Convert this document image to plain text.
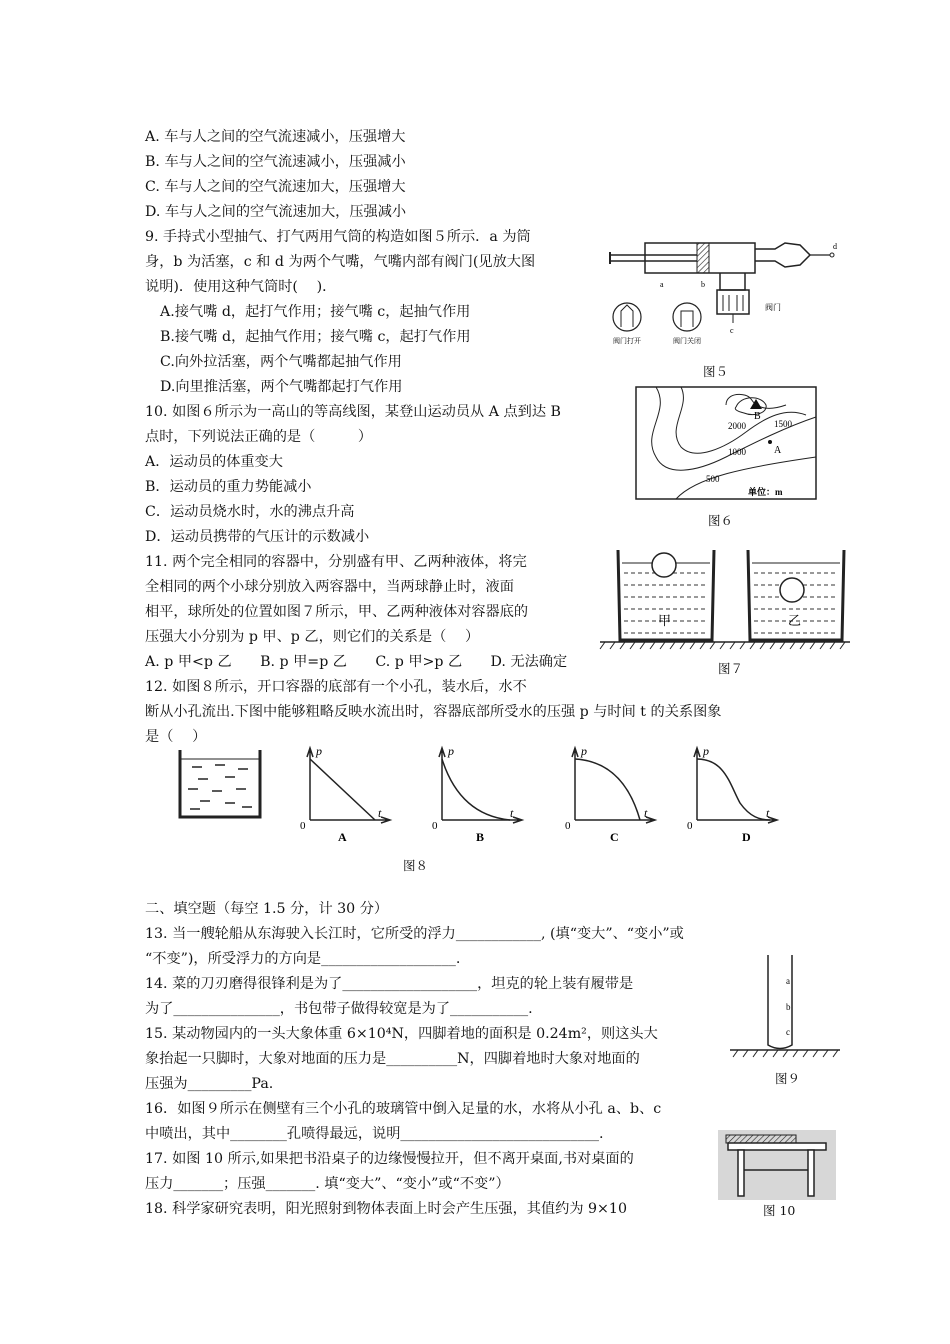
A. 车与人之间的空气流速减小，压强增大
B. 车与人之间的空气流速减小，压强减小
C. 车与人之间的空气流速加大，压强增大
D. 车与人之间的空气流速加大，压强减小
9. 手持式小型抽气、打气两用气筒的构造如图５所示．a 为筒
身，b 为活塞，c 和 d 为两个气嘴，气嘴内部有阀门(见放大图
说明)．使用这种气筒时(　 )．
A.接气嘴 d，起打气作用；接气嘴 c，起抽气作用
B.接气嘴 d，起抽气作用；接气嘴 c，起打气作用
C.向外拉活塞，两个气嘴都起抽气作用
D.向里推活塞，两个气嘴都起打气作用
a	b
c
d
阀门
阀门打开	阀门关闭
图５
10. 如图６所示为一高山的等高线图，某登山运动员从 A 点到达 B
点时，下列说法正确的是（　　　）
A．运动员的体重变大
B．运动员的重力势能减小
C．运动员烧水时，水的沸点升高
D．运动员携带的气压计的示数减小
B
2000	1500
1000	A
500
单位：m
图６
11. 两个完全相同的容器中，分别盛有甲、乙两种液体，将完
全相同的两个小球分别放入两容器中，当两球静止时，液面
相平，球所处的位置如图７所示，甲、乙两种液体对容器底的
压强大小分别为 p 甲、p 乙，则它们的关系是（　 ）
A. p 甲<p 乙　　B. p 甲=p 乙　　C. p 甲>p 乙　　D. 无法确定
甲	乙
图７
12. 如图８所示，开口容器的底部有一个小孔，装水后，水不
断从小孔流出.下图中能够粗略反映水流出时，容器底部所受水的压强 p 与时间 t 的关系图象
是（　 ）
p
t
0
A
p
t
0
B
p
t
0
C
p
t
0
D
图８
二、填空题（每空 1.5 分，计 30 分）
13. 当一艘轮船从东海驶入长江时，它所受的浮力____________, (填“变大”、“变小”或
“不变”)，所受浮力的方向是___________________.
14. 菜的刀刃磨得很锋利是为了___________________，坦克的轮上装有履带是
为了_______________，书包带子做得较宽是为了___________.
15. 某动物园内的一头大象体重 6×10⁴N，四脚着地的面积是 0.24m²，则这头大
象抬起一只脚时，大象对地面的压力是__________N，四脚着地时大象对地面的
压强为_________Pa.
16．如图９所示在侧壁有三个小孔的玻璃管中倒入足量的水，水将从小孔 a、b、c
中喷出，其中________孔喷得最远，说明____________________________.
17. 如图 10 所示,如果把书沿桌子的边缘慢慢拉开，但不离开桌面,书对桌面的
压力_______；压强_______. 填“变大”、“变小”或“不变”）
18. 科学家研究表明，阳光照射到物体表面上时会产生压强，其值约为 9×10
a
b
c
图９
图 10
